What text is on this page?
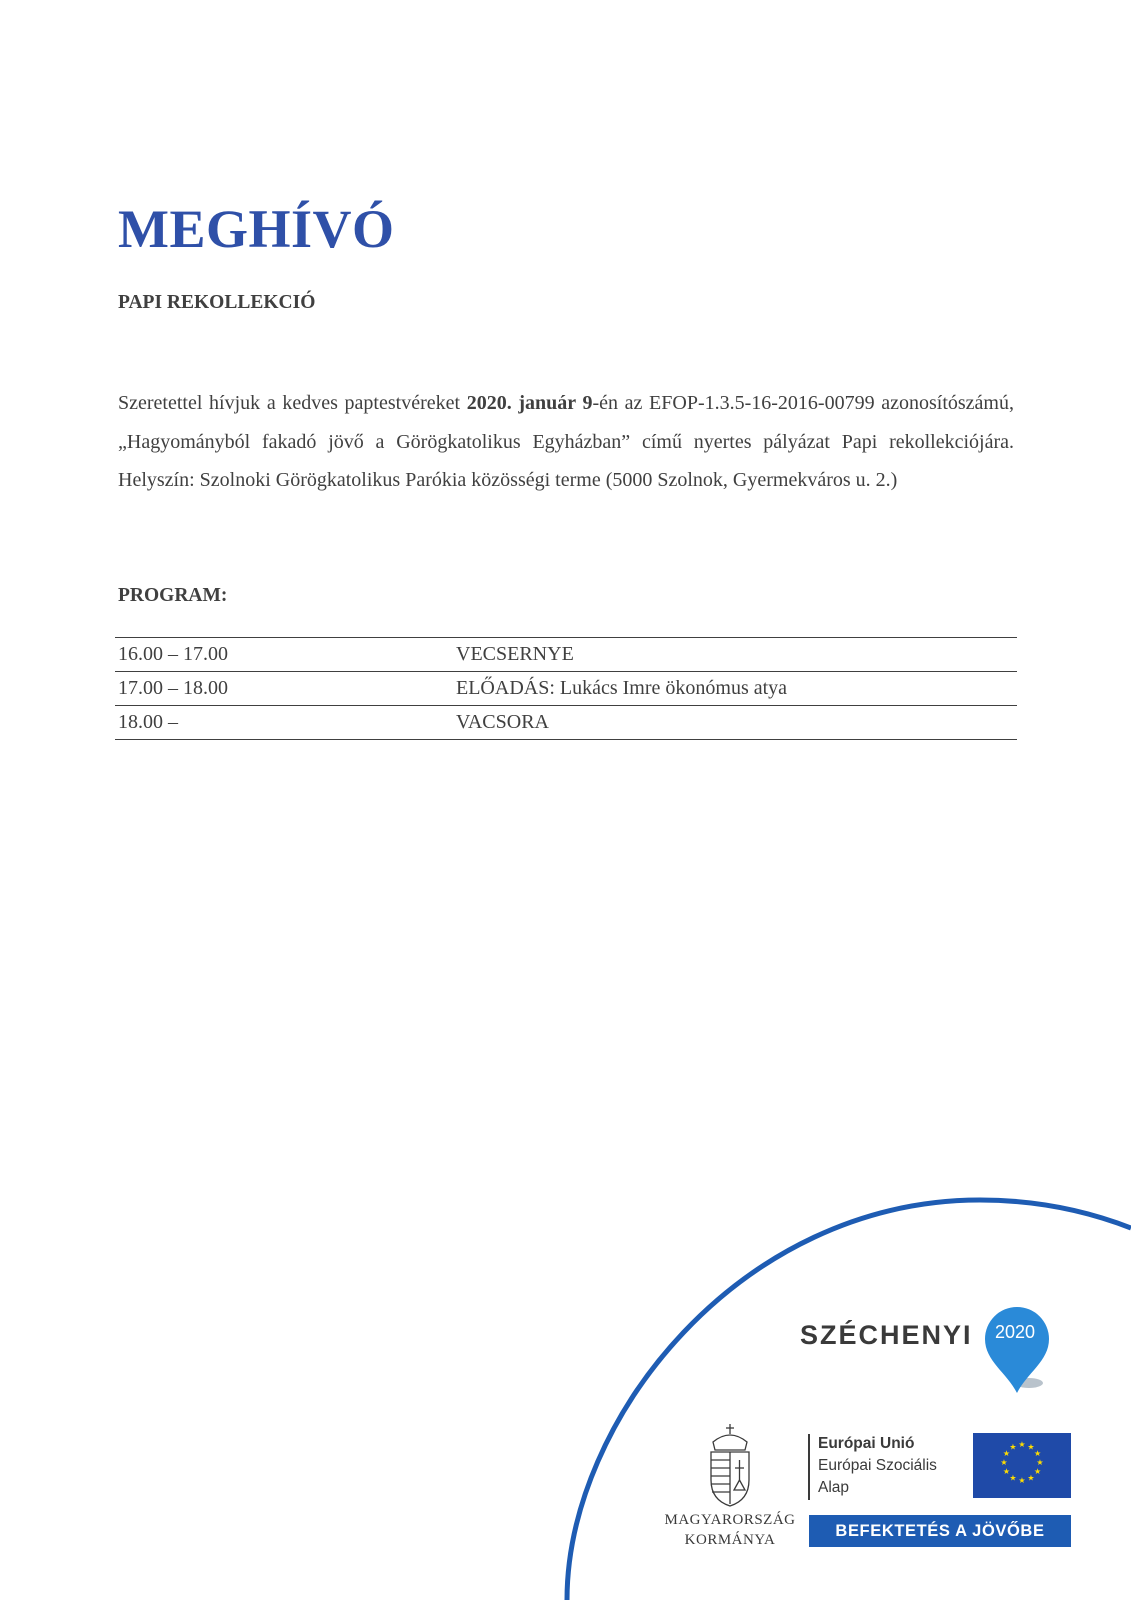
MEGHÍVÓ
PAPI REKOLLEKCIÓ

Szeretettel hívjuk a kedves paptestvéreket 2020. január 9-én az EFOP-1.3.5-16-2016-00799 azonosítószámú, „Hagyományból fakadó jövő a Görögkatolikus Egyházban” című nyertes pályázat Papi rekollekciójára. Helyszín: Szolnoki Görögkatolikus Parókia közösségi terme (5000 Szolnok, Gyermekváros u. 2.)

PROGRAM:
16.00 – 17.00	VECSERNYE
17.00 – 18.00	ELŐADÁS: Lukács Imre ökonómus atya
18.00 –	VACSORA
SZÉCHENYI	2020
MAGYARORSZÁG
KORMÁNYA
Európai Unió
Európai Szociális
Alap
★ ★
★
★
★
★
★
★
★
★
★
★
BEFEKTETÉS A JÖVŐBE
